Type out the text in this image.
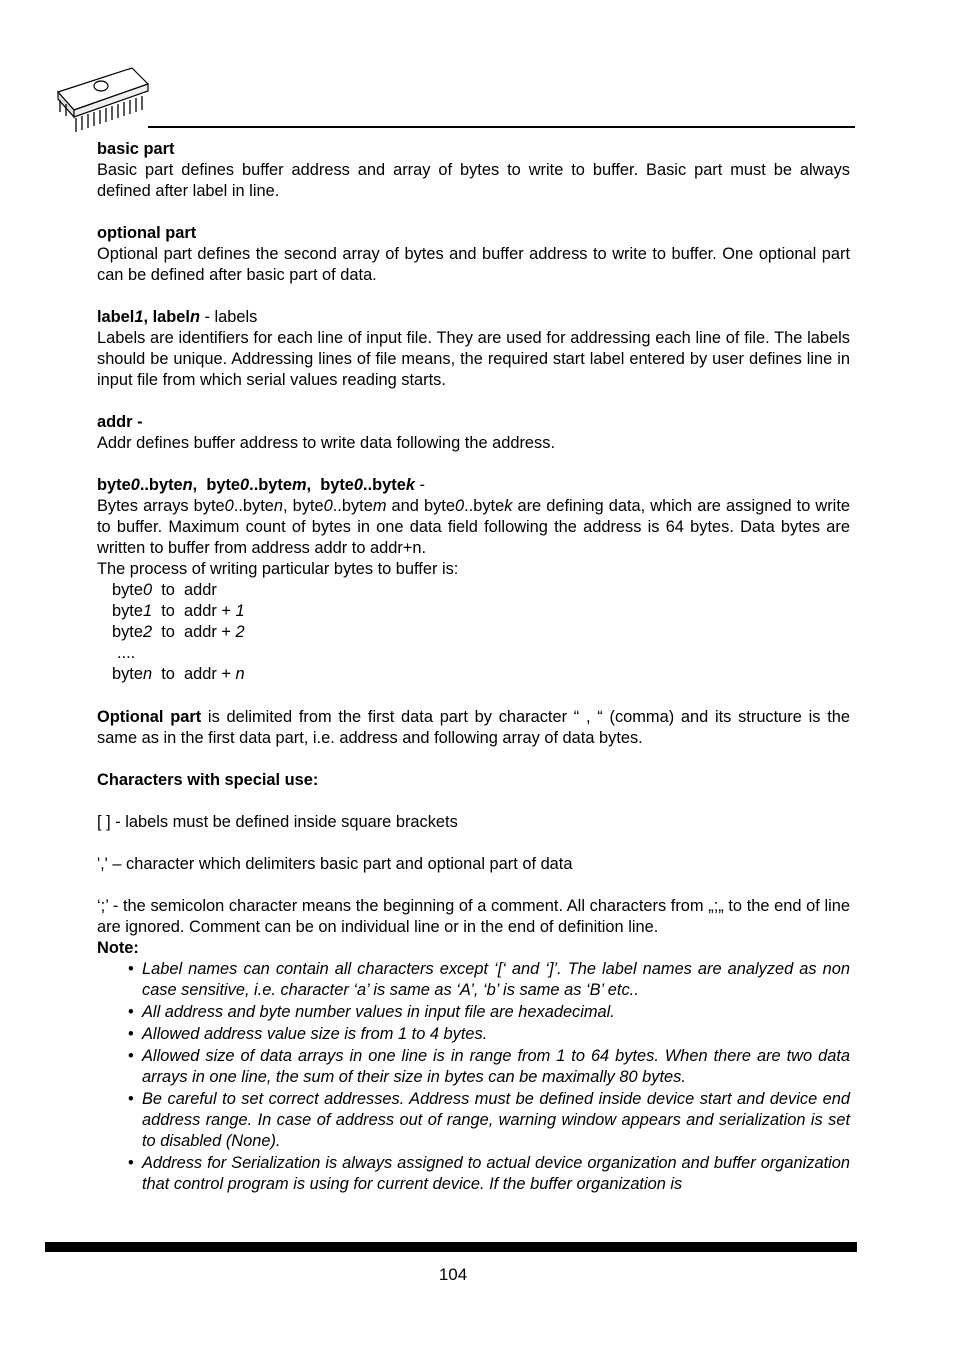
basic part

Basic part defines buffer address and array of bytes to write to buffer. Basic part must be always defined after label in line.

optional part

Optional part defines the second array of bytes and buffer address to write to buffer. One optional part can be defined after basic part of data.

label1, labeln - labels

Labels are identifiers for each line of input file. They are used for addressing each line of file. The labels should be unique. Addressing lines of file means, the required start label entered by user defines line in input file from which serial values reading starts.

addr -

Addr defines buffer address to write data following the address.

byte0..byten,  byte0..bytem,  byte0..bytek -

Bytes arrays byte0..byten, byte0..bytem and byte0..bytek are defining data, which are assigned to write to buffer. Maximum count of bytes in one data field following the address is 64 bytes. Data bytes are written to buffer from address addr to addr+n.

The process of writing particular bytes to buffer is:

byte0  to  addr

byte1  to  addr + 1

byte2  to  addr + 2

....

byten  to  addr + n

Optional part is delimited from the first data part by character “ , “ (comma) and its structure is the same as in the first data part, i.e. address and following array of data bytes.

Characters with special use:

[ ] - labels must be defined inside square brackets

',' – character which delimiters basic part and optional part of data

‘;’ - the semicolon character means the beginning of a comment. All characters from „;„ to the end of line are ignored. Comment can be on individual line or in the end of definition line.

Note:

• Label names can contain all characters except ‘[‘ and ‘]’. The label names are analyzed as non case sensitive, i.e. character ‘a’ is same as ‘A’, ‘b’ is same as ‘B’ etc..
• All address and byte number values in input file are hexadecimal.
• Allowed address value size is from 1 to 4 bytes.
• Allowed size of data arrays in one line is in range from 1 to 64 bytes. When there are two data arrays in one line, the sum of their size in bytes can be maximally 80 bytes.
• Be careful to set correct addresses. Address must be defined inside device start and device end address range. In case of address out of range, warning window appears and serialization is set to disabled (None).
• Address for Serialization is always assigned to actual device organization and buffer organization that control program is using for current device. If the buffer organization is
104
